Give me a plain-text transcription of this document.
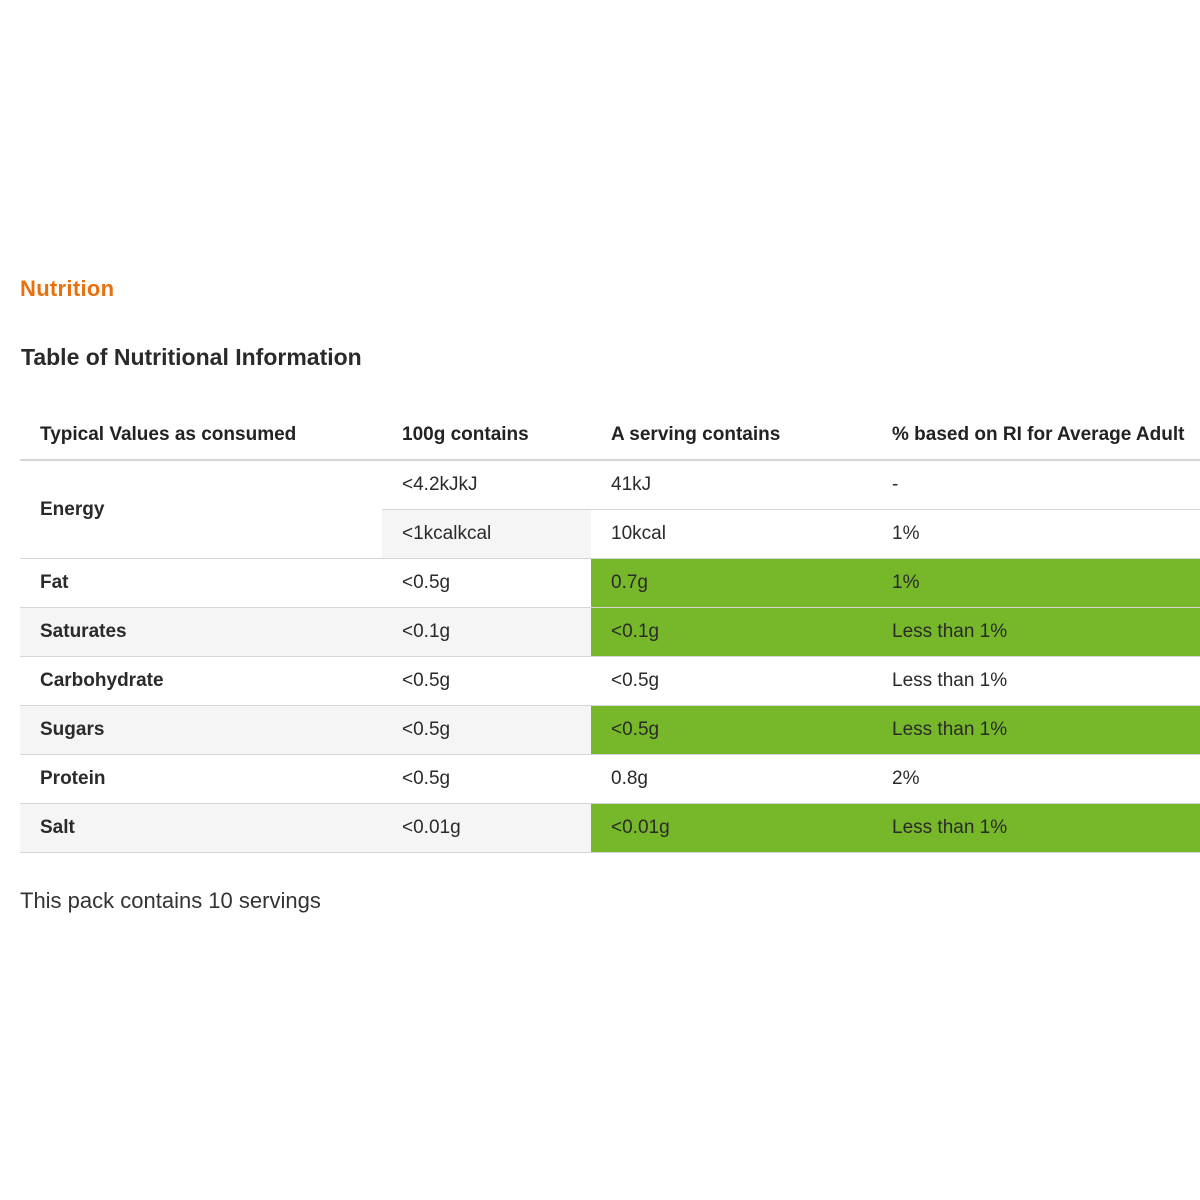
Nutrition
Table of Nutritional Information
Typical Values as consumed	100g contains	A serving contains	% based on RI for Average Adult
Energy	<4.2kJkJ	41kJ	-
	<1kcalkcal	10kcal	1%
Fat	<0.5g	0.7g	1%
Saturates	<0.1g	<0.1g	Less than 1%
Carbohydrate	<0.5g	<0.5g	Less than 1%
Sugars	<0.5g	<0.5g	Less than 1%
Protein	<0.5g	0.8g	2%
Salt	<0.01g	<0.01g	Less than 1%
This pack contains 10 servings
